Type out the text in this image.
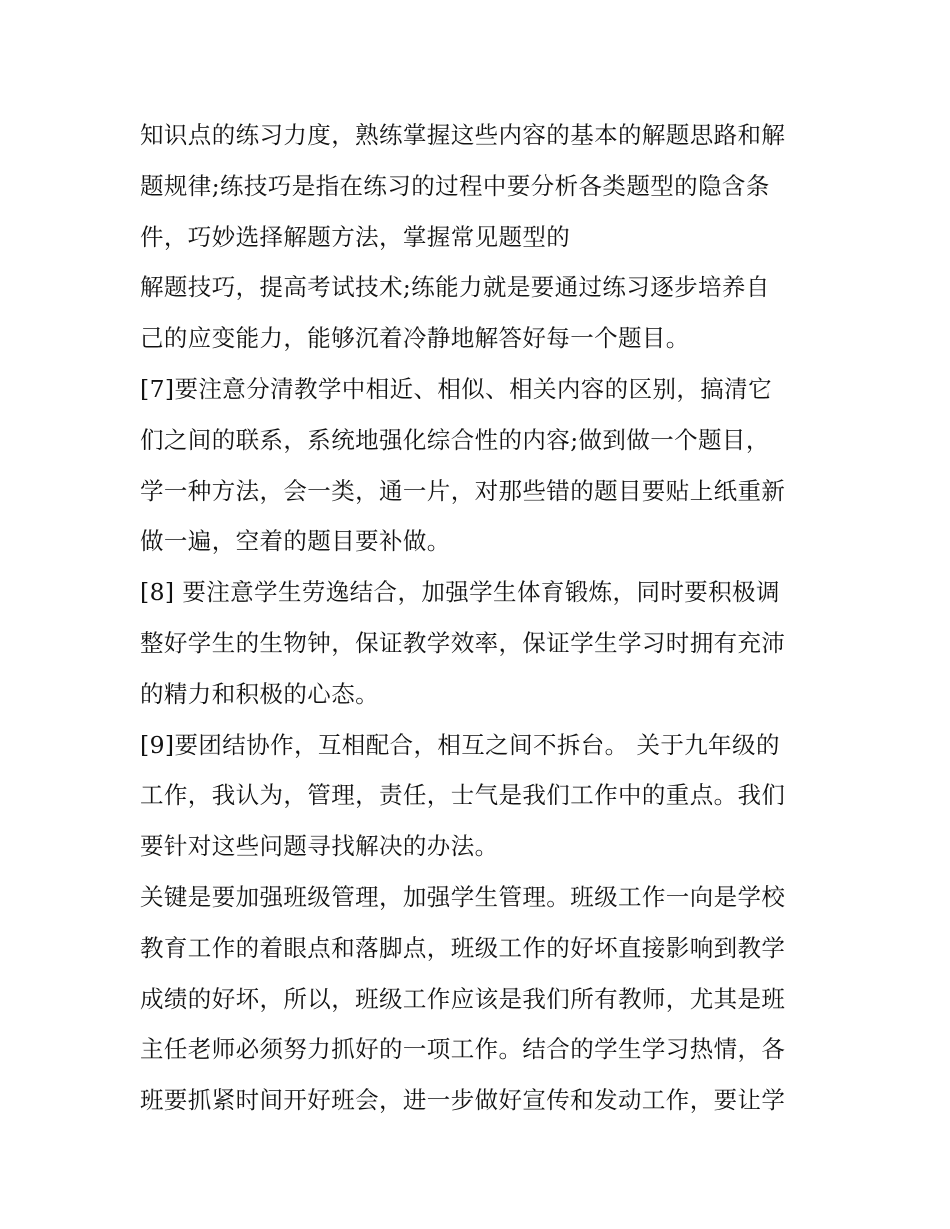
知识点的练习力度，熟练掌握这些内容的基本的解题思路和解
题规律;练技巧是指在练习的过程中要分析各类题型的隐含条
件，巧妙选择解题方法，掌握常见题型的
解题技巧，提高考试技术;练能力就是要通过练习逐步培养自
己的应变能力，能够沉着冷静地解答好每一个题目。
[7]要注意分清教学中相近、相似、相关内容的区别，搞清它
们之间的联系，系统地强化综合性的内容;做到做一个题目，
学一种方法，会一类，通一片，对那些错的题目要贴上纸重新
做一遍，空着的题目要补做。
[8] 要注意学生劳逸结合，加强学生体育锻炼，同时要积极调
整好学生的生物钟，保证教学效率，保证学生学习时拥有充沛
的精力和积极的心态。
[9]要团结协作，互相配合，相互之间不拆台。 关于九年级的
工作，我认为，管理，责任，士气是我们工作中的重点。我们
要针对这些问题寻找解决的办法。
关键是要加强班级管理，加强学生管理。班级工作一向是学校
教育工作的着眼点和落脚点，班级工作的好坏直接影响到教学
成绩的好坏，所以，班级工作应该是我们所有教师，尤其是班
主任老师必须努力抓好的一项工作。结合的学生学习热情，各
班要抓紧时间开好班会，进一步做好宣传和发动工作，要让学
